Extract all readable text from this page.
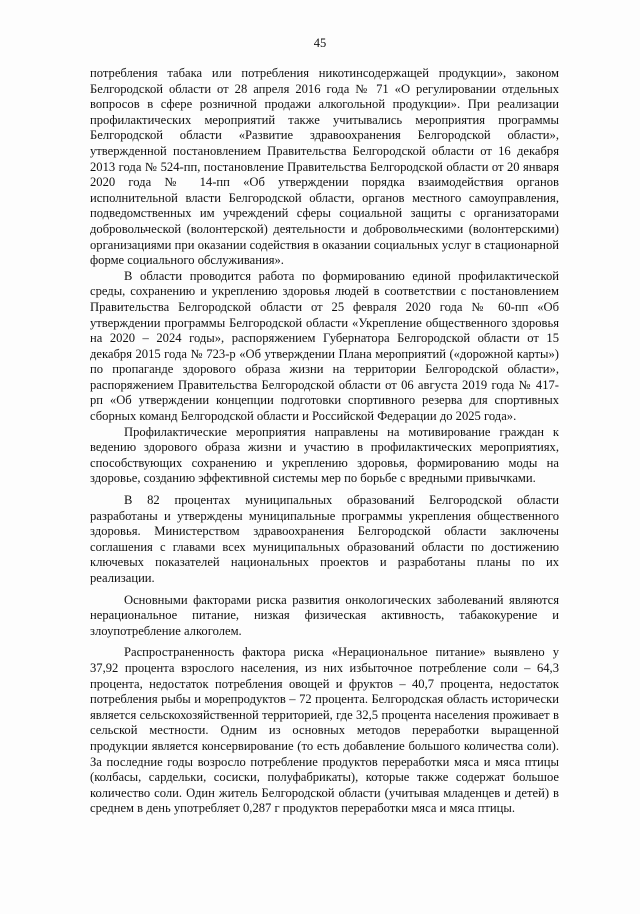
45

потребления табака или потребления никотинсодержащей продукции», законом Белгородской области от 28 апреля 2016 года № 71 «О регулировании отдельных вопросов в сфере розничной продажи алкогольной продукции». При реализации профилактических мероприятий также учитывались мероприятия программы Белгородской области «Развитие здравоохранения Белгородской области», утвержденной постановлением Правительства Белгородской области от 16 декабря 2013 года № 524-пп, постановление Правительства Белгородской области от 20 января 2020 года № 14-пп «Об утверждении порядка взаимодействия органов исполнительной власти Белгородской области, органов местного самоуправления, подведомственных им учреждений сферы социальной защиты с организаторами добровольческой (волонтерской) деятельности и добровольческими (волонтерскими) организациями при оказании содействия в оказании социальных услуг в стационарной форме социального обслуживания».

В области проводится работа по формированию единой профилактической среды, сохранению и укреплению здоровья людей в соответствии с постановлением Правительства Белгородской области от 25 февраля 2020 года № 60-пп «Об утверждении программы Белгородской области «Укрепление общественного здоровья на 2020 – 2024 годы», распоряжением Губернатора Белгородской области от 15 декабря 2015 года № 723-р «Об утверждении Плана мероприятий («дорожной карты») по пропаганде здорового образа жизни на территории Белгородской области», распоряжением Правительства Белгородской области от 06 августа 2019 года № 417-рп «Об утверждении концепции подготовки спортивного резерва для спортивных сборных команд Белгородской области и Российской Федерации до 2025 года».

Профилактические мероприятия направлены на мотивирование граждан к ведению здорового образа жизни и участию в профилактических мероприятиях, способствующих сохранению и укреплению здоровья, формированию моды на здоровье, созданию эффективной системы мер по борьбе с вредными привычками.

В 82 процентах муниципальных образований Белгородской области разработаны и утверждены муниципальные программы укрепления общественного здоровья. Министерством здравоохранения Белгородской области заключены соглашения с главами всех муниципальных образований области по достижению ключевых показателей национальных проектов и разработаны планы по их реализации.

Основными факторами риска развития онкологических заболеваний являются нерациональное питание, низкая физическая активность, табакокурение и злоупотребление алкоголем.

Распространенность фактора риска «Нерациональное питание» выявлено у 37,92 процента взрослого населения, из них избыточное потребление соли – 64,3 процента, недостаток потребления овощей и фруктов – 40,7 процента, недостаток потребления рыбы и морепродуктов – 72 процента. Белгородская область исторически является сельскохозяйственной территорией, где 32,5 процента населения проживает в сельской местности. Одним из основных методов переработки выращенной продукции является консервирование (то есть добавление большого количества соли). За последние годы возросло потребление продуктов переработки мяса и мяса птицы (колбасы, сардельки, сосиски, полуфабрикаты), которые также содержат большое количество соли. Один житель Белгородской области (учитывая младенцев и детей) в среднем в день употребляет 0,287 г продуктов переработки мяса и мяса птицы.
